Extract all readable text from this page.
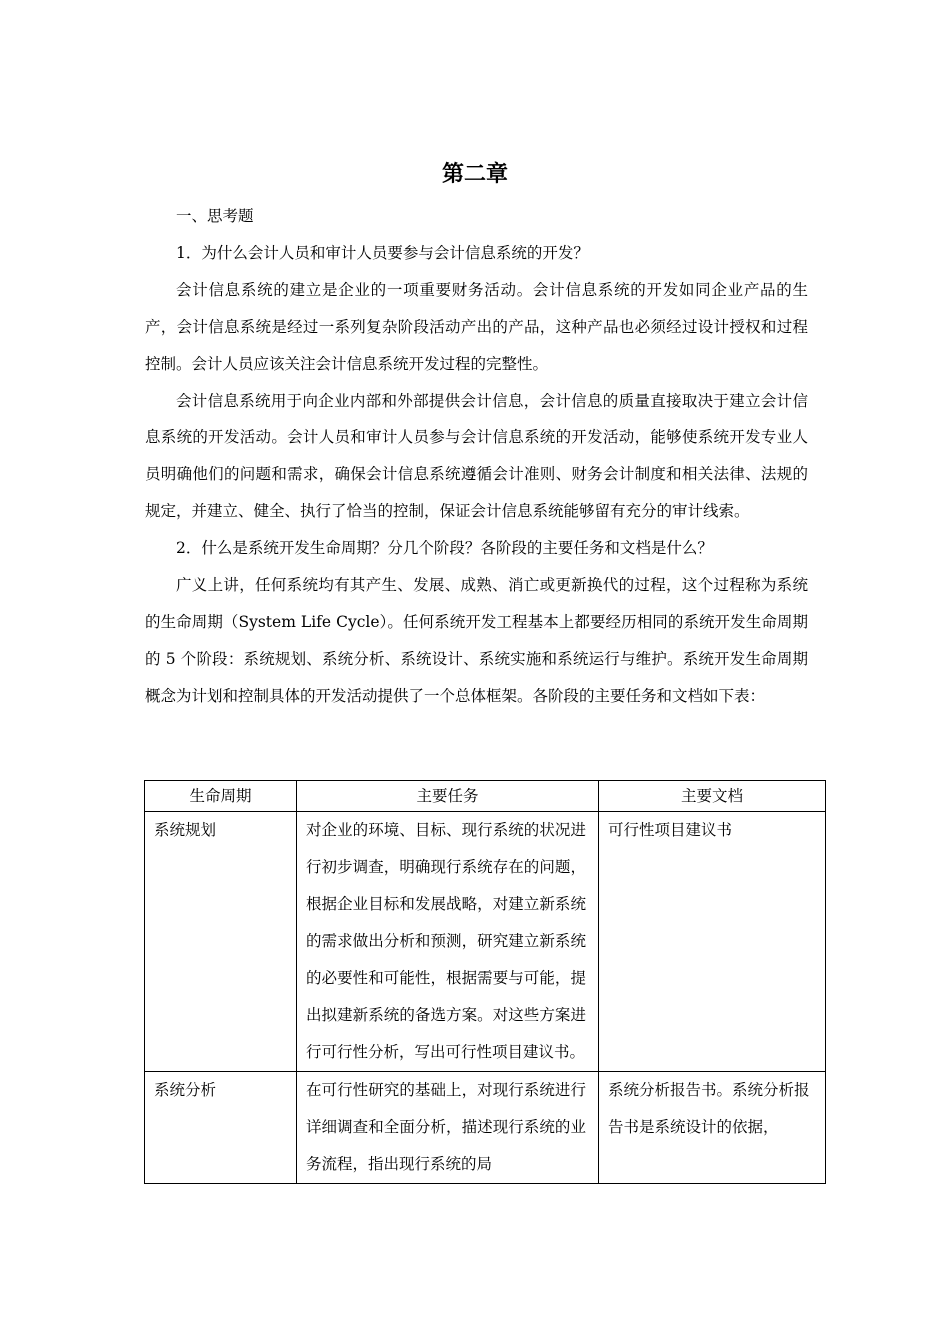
第二章

一、思考题

1．为什么会计人员和审计人员要参与会计信息系统的开发？

会计信息系统的建立是企业的一项重要财务活动。会计信息系统的开发如同企业产品的生产，会计信息系统是经过一系列复杂阶段活动产出的产品，这种产品也必须经过设计授权和过程控制。会计人员应该关注会计信息系统开发过程的完整性。

会计信息系统用于向企业内部和外部提供会计信息，会计信息的质量直接取决于建立会计信息系统的开发活动。会计人员和审计人员参与会计信息系统的开发活动，能够使系统开发专业人员明确他们的问题和需求，确保会计信息系统遵循会计准则、财务会计制度和相关法律、法规的规定，并建立、健全、执行了恰当的控制，保证会计信息系统能够留有充分的审计线索。

2．什么是系统开发生命周期？分几个阶段？各阶段的主要任务和文档是什么？

广义上讲，任何系统均有其产生、发展、成熟、消亡或更新换代的过程，这个过程称为系统的生命周期（System Life Cycle）。任何系统开发工程基本上都要经历相同的系统开发生命周期的 5 个阶段：系统规划、系统分析、系统设计、系统实施和系统运行与维护。系统开发生命周期概念为计划和控制具体的开发活动提供了一个总体框架。各阶段的主要任务和文档如下表：

生命周期	主要任务	主要文档
系统规划	对企业的环境、目标、现行系统的状况进行初步调查，明确现行系统存在的问题，根据企业目标和发展战略，对建立新系统的需求做出分析和预测，研究建立新系统的必要性和可能性，根据需要与可能，提出拟建新系统的备选方案。对这些方案进行可行性分析，写出可行性项目建议书。	可行性项目建议书

系统分析	在可行性研究的基础上，对现行系统进行详细调查和全面分析，描述现行系统的业务流程，指出现行系统的局	系统分析报告书。系统分析报告书是系统设计的依据，
